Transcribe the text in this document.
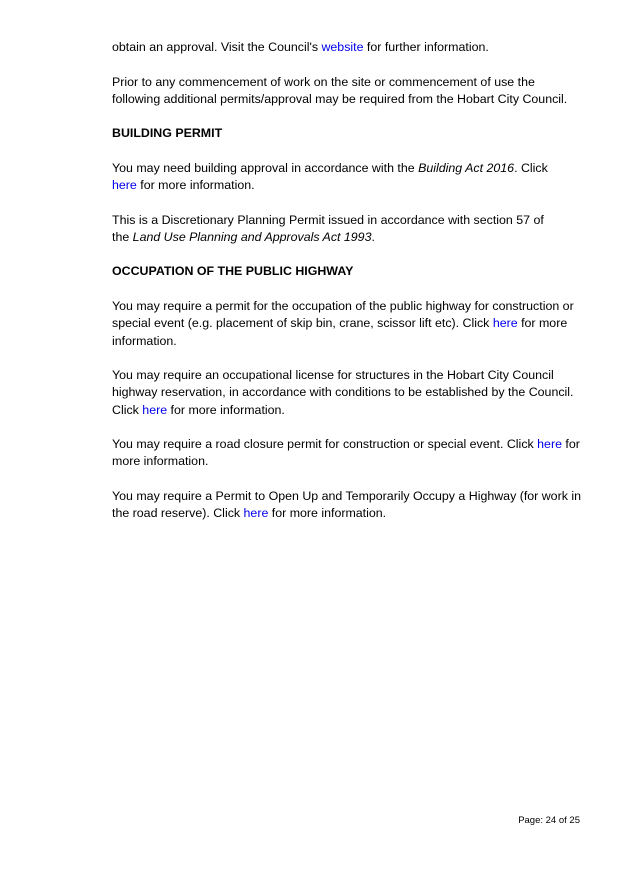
obtain an approval. Visit the Council's website for further information.

Prior to any commencement of work on the site or commencement of use the following additional permits/approval may be required from the Hobart City Council.

BUILDING PERMIT

You may need building approval in accordance with the Building Act 2016. Click
here for more information.

This is a Discretionary Planning Permit issued in accordance with section 57 of
the Land Use Planning and Approvals Act 1993.

OCCUPATION OF THE PUBLIC HIGHWAY

You may require a permit for the occupation of the public highway for construction or special event (e.g. placement of skip bin, crane, scissor lift etc). Click here for more information.

You may require an occupational license for structures in the Hobart City Council highway reservation, in accordance with conditions to be established by the Council. Click here for more information.

You may require a road closure permit for construction or special event. Click here for more information.

You may require a Permit to Open Up and Temporarily Occupy a Highway (for work in the road reserve). Click here for more information.

Page: 24 of 25
